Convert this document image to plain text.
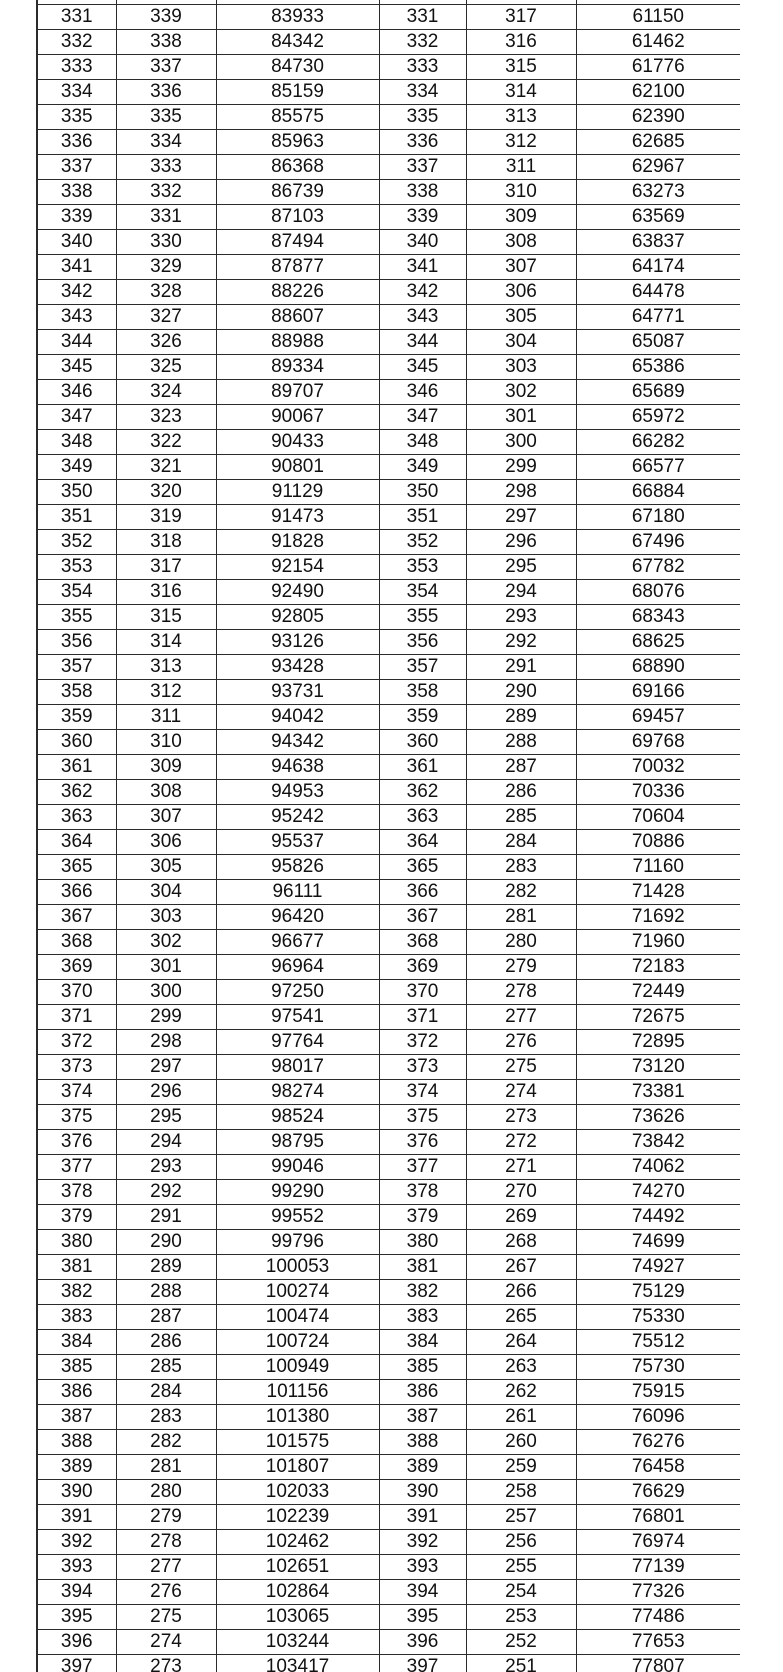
331	339	83933	331	317	61150
332	338	84342	332	316	61462
333	337	84730	333	315	61776
334	336	85159	334	314	62100
335	335	85575	335	313	62390
336	334	85963	336	312	62685
337	333	86368	337	311	62967
338	332	86739	338	310	63273
339	331	87103	339	309	63569
340	330	87494	340	308	63837
341	329	87877	341	307	64174
342	328	88226	342	306	64478
343	327	88607	343	305	64771
344	326	88988	344	304	65087
345	325	89334	345	303	65386
346	324	89707	346	302	65689
347	323	90067	347	301	65972
348	322	90433	348	300	66282
349	321	90801	349	299	66577
350	320	91129	350	298	66884
351	319	91473	351	297	67180
352	318	91828	352	296	67496
353	317	92154	353	295	67782
354	316	92490	354	294	68076
355	315	92805	355	293	68343
356	314	93126	356	292	68625
357	313	93428	357	291	68890
358	312	93731	358	290	69166
359	311	94042	359	289	69457
360	310	94342	360	288	69768
361	309	94638	361	287	70032
362	308	94953	362	286	70336
363	307	95242	363	285	70604
364	306	95537	364	284	70886
365	305	95826	365	283	71160
366	304	96111	366	282	71428
367	303	96420	367	281	71692
368	302	96677	368	280	71960
369	301	96964	369	279	72183
370	300	97250	370	278	72449
371	299	97541	371	277	72675
372	298	97764	372	276	72895
373	297	98017	373	275	73120
374	296	98274	374	274	73381
375	295	98524	375	273	73626
376	294	98795	376	272	73842
377	293	99046	377	271	74062
378	292	99290	378	270	74270
379	291	99552	379	269	74492
380	290	99796	380	268	74699
381	289	100053	381	267	74927
382	288	100274	382	266	75129
383	287	100474	383	265	75330
384	286	100724	384	264	75512
385	285	100949	385	263	75730
386	284	101156	386	262	75915
387	283	101380	387	261	76096
388	282	101575	388	260	76276
389	281	101807	389	259	76458
390	280	102033	390	258	76629
391	279	102239	391	257	76801
392	278	102462	392	256	76974
393	277	102651	393	255	77139
394	276	102864	394	254	77326
395	275	103065	395	253	77486
396	274	103244	396	252	77653
397	273	103417	397	251	77807
